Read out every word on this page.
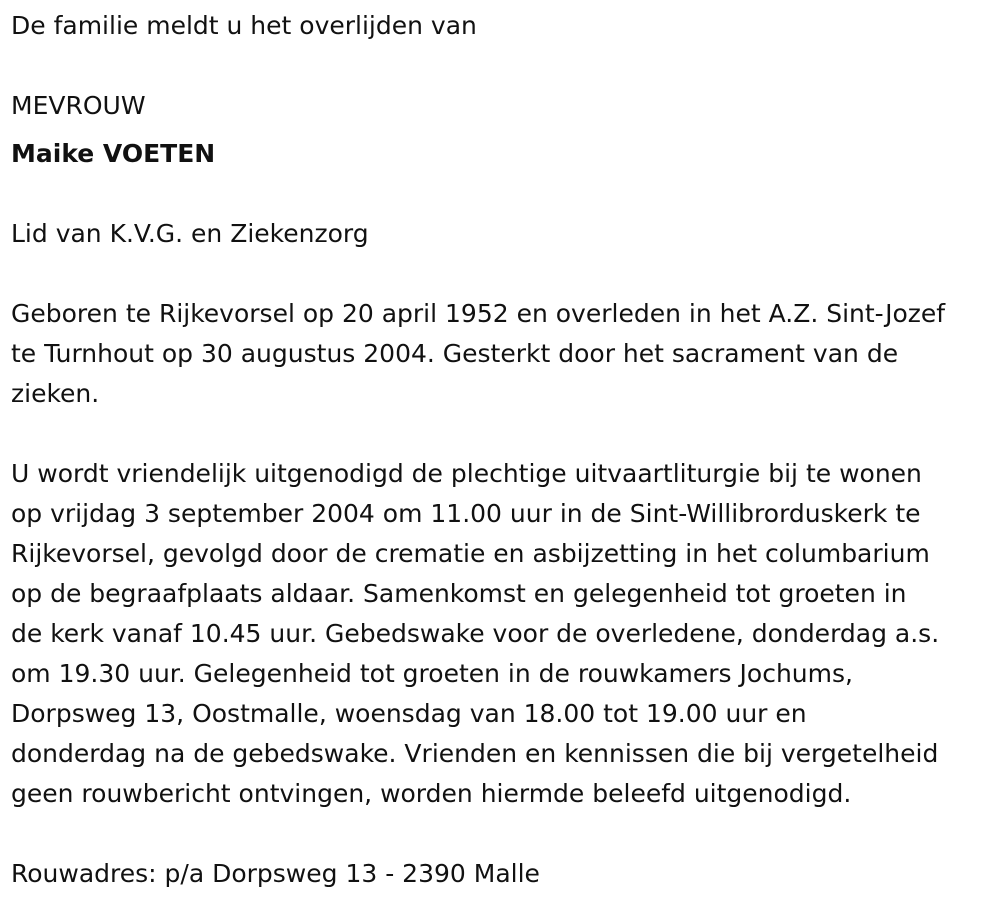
De familie meldt u het overlijden van

MEVROUW

Maike VOETEN

Lid van K.V.G. en Ziekenzorg

Geboren te Rijkevorsel op 20 april 1952 en overleden in het A.Z. Sint-Jozef

te Turnhout op 30 augustus 2004. Gesterkt door het sacrament van de

zieken.

U wordt vriendelijk uitgenodigd de plechtige uitvaartliturgie bij te wonen

op vrijdag 3 september 2004 om 11.00 uur in de Sint-Willibrorduskerk te

Rijkevorsel, gevolgd door de crematie en asbijzetting in het columbarium

op de begraafplaats aldaar. Samenkomst en gelegenheid tot groeten in

de kerk vanaf 10.45 uur. Gebedswake voor de overledene, donderdag a.s.

om 19.30 uur. Gelegenheid tot groeten in de rouwkamers Jochums,

Dorpsweg 13, Oostmalle, woensdag van 18.00 tot 19.00 uur en

donderdag na de gebedswake. Vrienden en kennissen die bij vergetelheid

geen rouwbericht ontvingen, worden hiermde beleefd uitgenodigd.

Rouwadres: p/a Dorpsweg 13 - 2390 Malle
